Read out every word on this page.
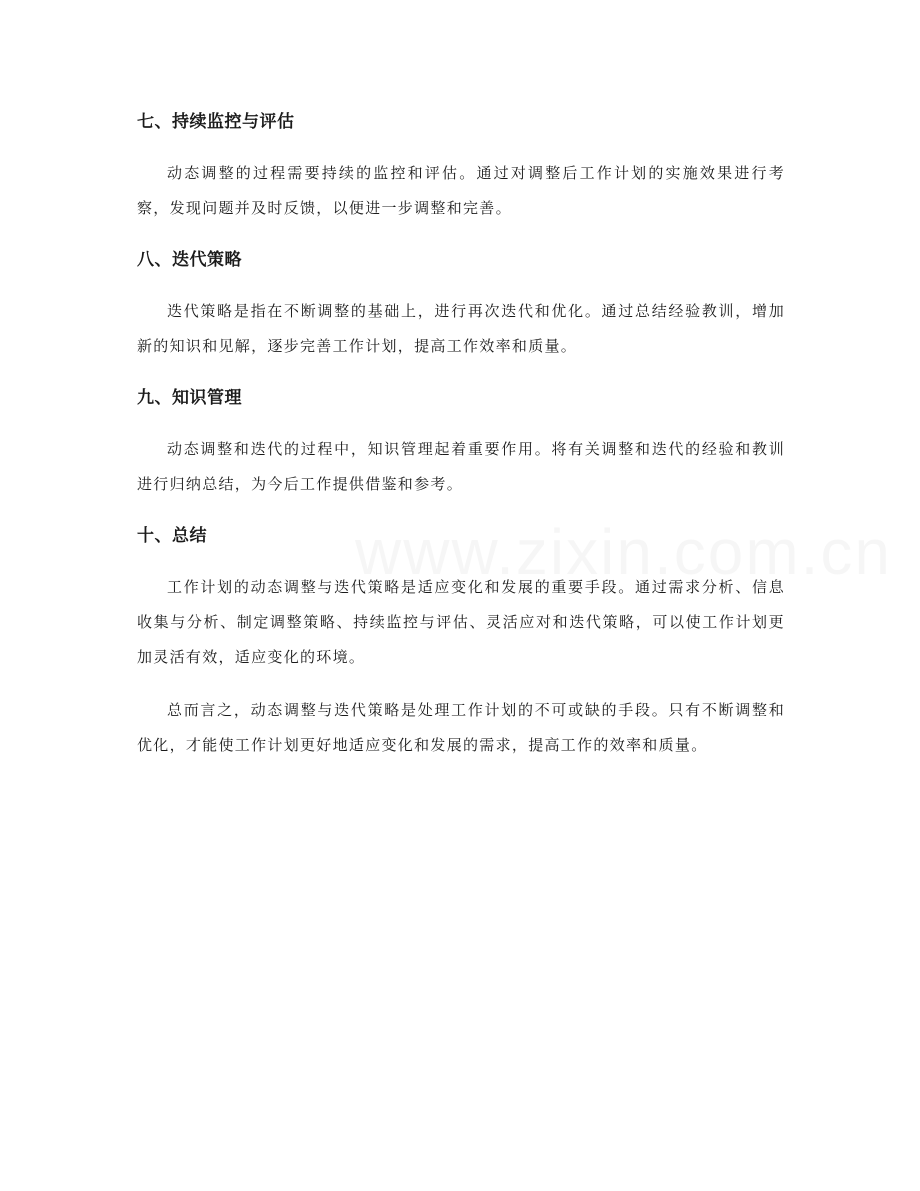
七、持续监控与评估

动态调整的过程需要持续的监控和评估。通过对调整后工作计划的实施效果进行考察，发现问题并及时反馈，以便进一步调整和完善。

八、迭代策略

迭代策略是指在不断调整的基础上，进行再次迭代和优化。通过总结经验教训，增加新的知识和见解，逐步完善工作计划，提高工作效率和质量。

九、知识管理

动态调整和迭代的过程中，知识管理起着重要作用。将有关调整和迭代的经验和教训进行归纳总结，为今后工作提供借鉴和参考。

十、总结

工作计划的动态调整与迭代策略是适应变化和发展的重要手段。通过需求分析、信息收集与分析、制定调整策略、持续监控与评估、灵活应对和迭代策略，可以使工作计划更加灵活有效，适应变化的环境。

总而言之，动态调整与迭代策略是处理工作计划的不可或缺的手段。只有不断调整和优化，才能使工作计划更好地适应变化和发展的需求，提高工作的效率和质量。
